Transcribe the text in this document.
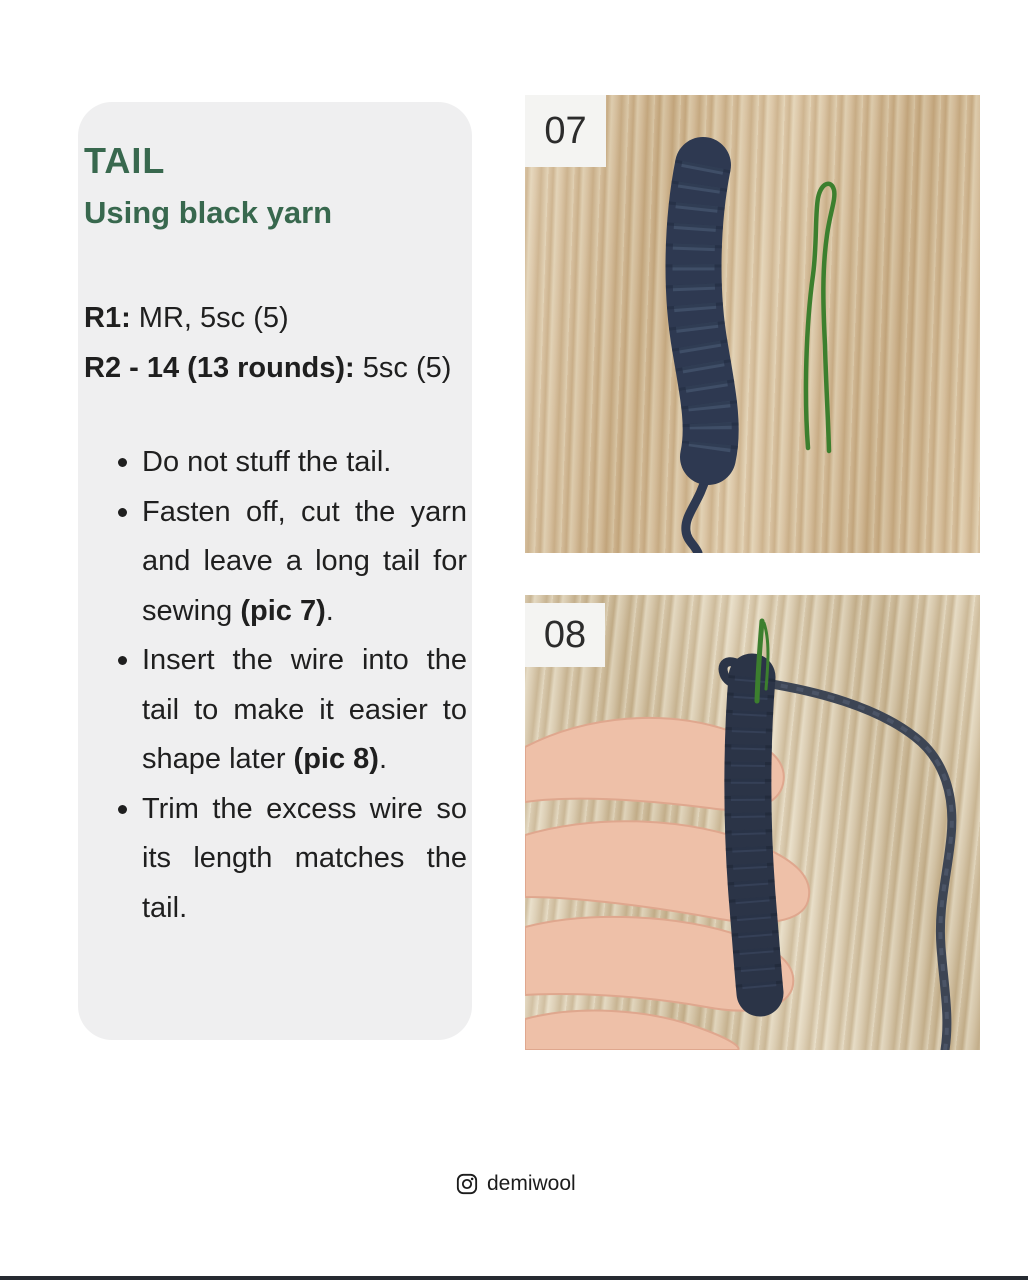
TAIL
Using black yarn

R1: MR, 5sc (5)

R2 - 14 (13 rounds): 5sc (5)

Do not stuff the tail.
Fasten off, cut the yarn and leave a long tail for sewing (pic 7).
Insert the wire into the tail to make it easier to shape later (pic 8).
Trim the excess wire so its length matches the tail.
07
08
demiwool
